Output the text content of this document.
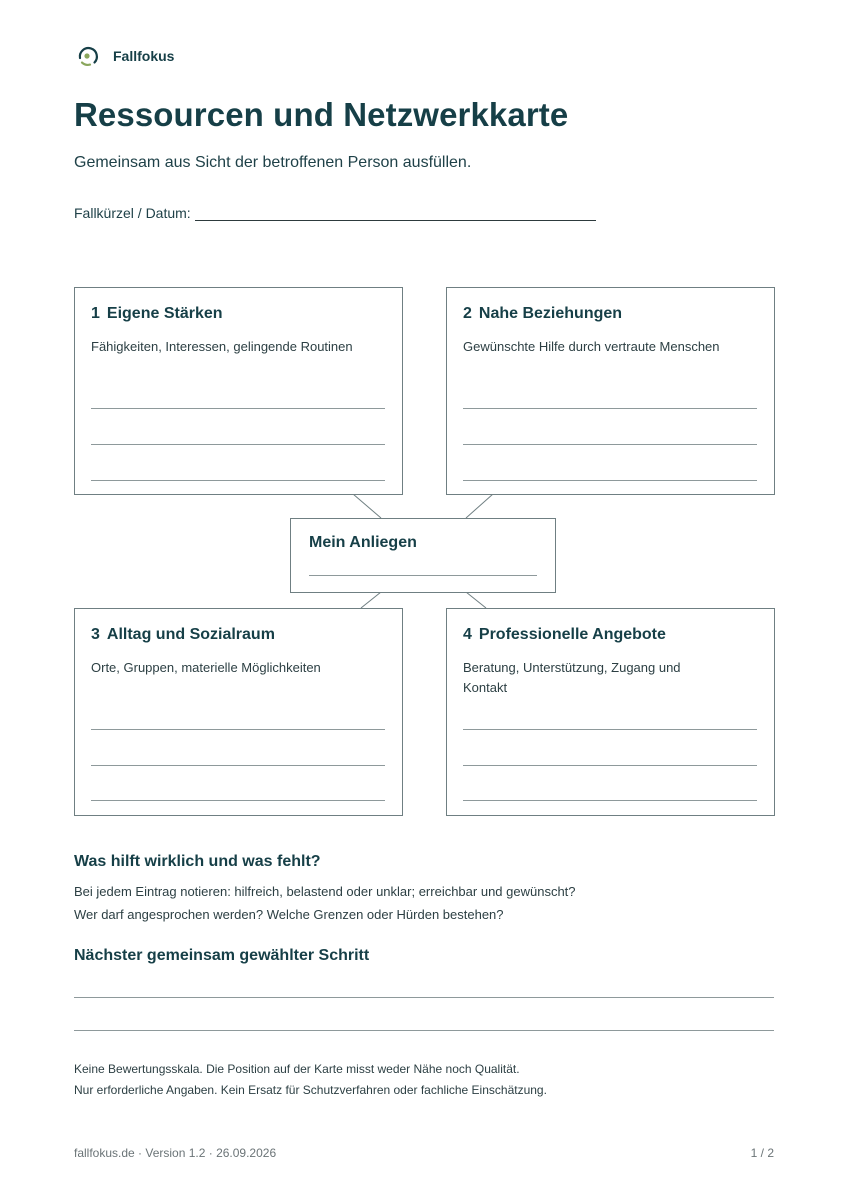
Fallfokus
Ressourcen und Netzwerkkarte
Gemeinsam aus Sicht der betroffenen Person ausfüllen.
Fallkürzel / Datum:
1 Eigene Stärken
Fähigkeiten, Interessen, gelingende Routinen
2 Nahe Beziehungen
Gewünschte Hilfe durch vertraute Menschen
Mein Anliegen
3 Alltag und Sozialraum
Orte, Gruppen, materielle Möglichkeiten
4 Professionelle Angebote
Beratung, Unterstützung, Zugang und Kontakt
Was hilft wirklich und was fehlt?
Bei jedem Eintrag notieren: hilfreich, belastend oder unklar; erreichbar und gewünscht?
Wer darf angesprochen werden? Welche Grenzen oder Hürden bestehen?
Nächster gemeinsam gewählter Schritt
Keine Bewertungsskala. Die Position auf der Karte misst weder Nähe noch Qualität.
Nur erforderliche Angaben. Kein Ersatz für Schutzverfahren oder fachliche Einschätzung.
fallfokus.de · Version 1.2 · 26.09.2026	1 / 2
